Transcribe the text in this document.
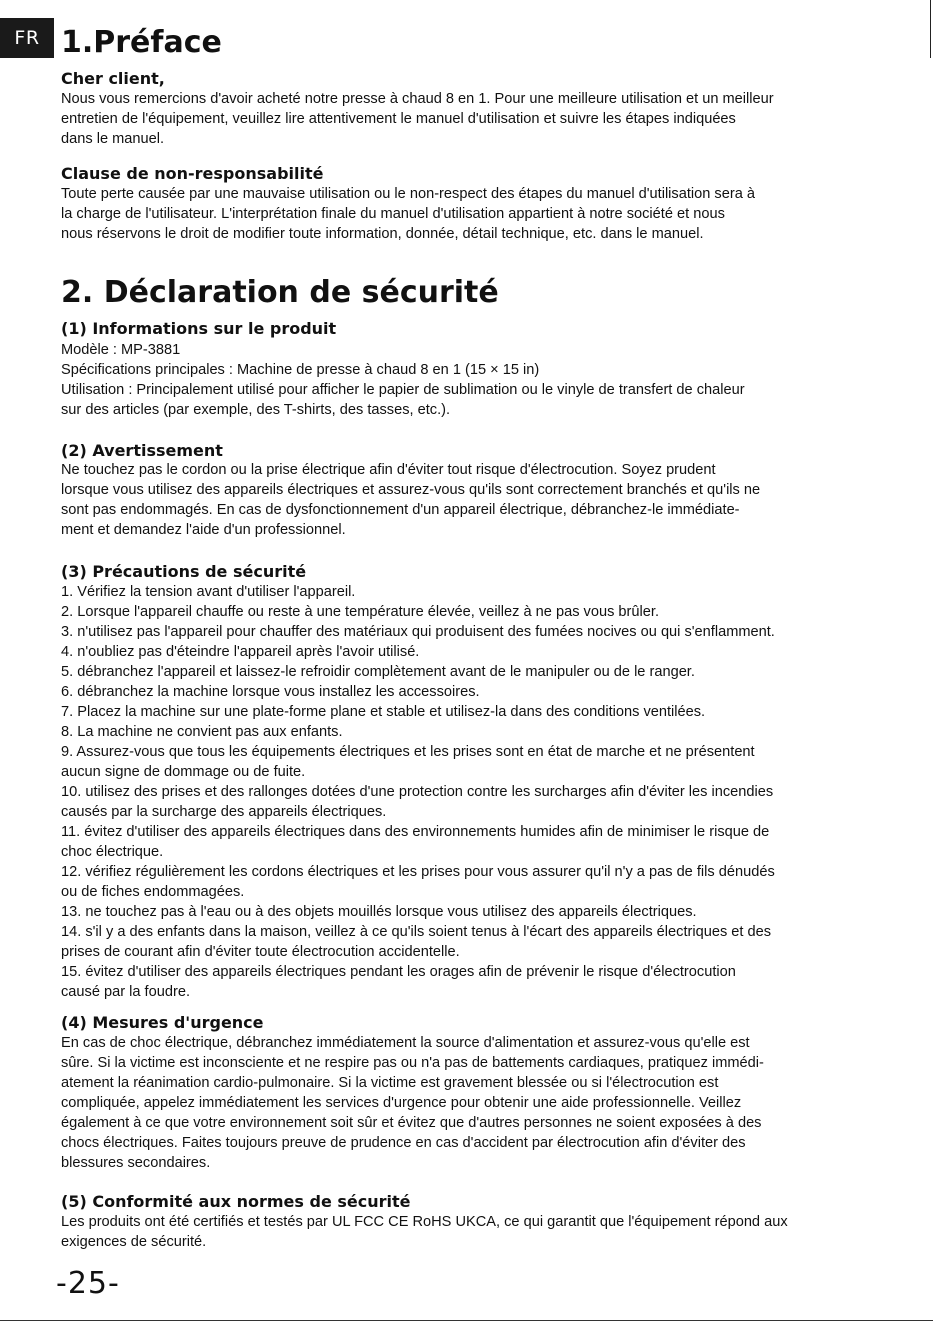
FR 1.Préface
Cher client,
Nous vous remercions d'avoir acheté notre presse à chaud 8 en 1. Pour une meilleure utilisation et un meilleur
entretien de l'équipement, veuillez lire attentivement le manuel d'utilisation et suivre les étapes indiquées
dans le manuel.
Clause de non-responsabilité
Toute perte causée par une mauvaise utilisation ou le non-respect des étapes du manuel d'utilisation sera à
la charge de l'utilisateur. L'interprétation finale du manuel d'utilisation appartient à notre société et nous
nous réservons le droit de modifier toute information, donnée, détail technique, etc. dans le manuel.
2. Déclaration de sécurité
(1) Informations sur le produit
Modèle : MP-3881
Spécifications principales : Machine de presse à chaud 8 en 1 (15 × 15 in)
Utilisation : Principalement utilisé pour afficher le papier de sublimation ou le vinyle de transfert de chaleur
sur des articles (par exemple, des T-shirts, des tasses, etc.).
(2) Avertissement
Ne touchez pas le cordon ou la prise électrique afin d'éviter tout risque d'électrocution. Soyez prudent
lorsque vous utilisez des appareils électriques et assurez-vous qu'ils sont correctement branchés et qu'ils ne
sont pas endommagés. En cas de dysfonctionnement d'un appareil électrique, débranchez-le immédiate-
ment et demandez l'aide d'un professionnel.
(3) Précautions de sécurité
1. Vérifiez la tension avant d'utiliser l'appareil.
2. Lorsque l'appareil chauffe ou reste à une température élevée, veillez à ne pas vous brûler.
3. n'utilisez pas l'appareil pour chauffer des matériaux qui produisent des fumées nocives ou qui s'enflamment.
4. n'oubliez pas d'éteindre l'appareil après l'avoir utilisé.
5. débranchez l'appareil et laissez-le refroidir complètement avant de le manipuler ou de le ranger.
6. débranchez la machine lorsque vous installez les accessoires.
7. Placez la machine sur une plate-forme plane et stable et utilisez-la dans des conditions ventilées.
8. La machine ne convient pas aux enfants.
9. Assurez-vous que tous les équipements électriques et les prises sont en état de marche et ne présentent
aucun signe de dommage ou de fuite.
10. utilisez des prises et des rallonges dotées d'une protection contre les surcharges afin d'éviter les incendies
causés par la surcharge des appareils électriques.
11. évitez d'utiliser des appareils électriques dans des environnements humides afin de minimiser le risque de
choc électrique.
12. vérifiez régulièrement les cordons électriques et les prises pour vous assurer qu'il n'y a pas de fils dénudés
ou de fiches endommagées.
13. ne touchez pas à l'eau ou à des objets mouillés lorsque vous utilisez des appareils électriques.
14. s'il y a des enfants dans la maison, veillez à ce qu'ils soient tenus à l'écart des appareils électriques et des
prises de courant afin d'éviter toute électrocution accidentelle.
15. évitez d'utiliser des appareils électriques pendant les orages afin de prévenir le risque d'électrocution
causé par la foudre.
(4) Mesures d'urgence
En cas de choc électrique, débranchez immédiatement la source d'alimentation et assurez-vous qu'elle est
sûre. Si la victime est inconsciente et ne respire pas ou n'a pas de battements cardiaques, pratiquez immédi-
atement la réanimation cardio-pulmonaire. Si la victime est gravement blessée ou si l'électrocution est
compliquée, appelez immédiatement les services d'urgence pour obtenir une aide professionnelle. Veillez
également à ce que votre environnement soit sûr et évitez que d'autres personnes ne soient exposées à des
chocs électriques. Faites toujours preuve de prudence en cas d'accident par électrocution afin d'éviter des
blessures secondaires.
(5) Conformité aux normes de sécurité
Les produits ont été certifiés et testés par UL FCC CE RoHS UKCA, ce qui garantit que l'équipement répond aux
exigences de sécurité.
-25-
